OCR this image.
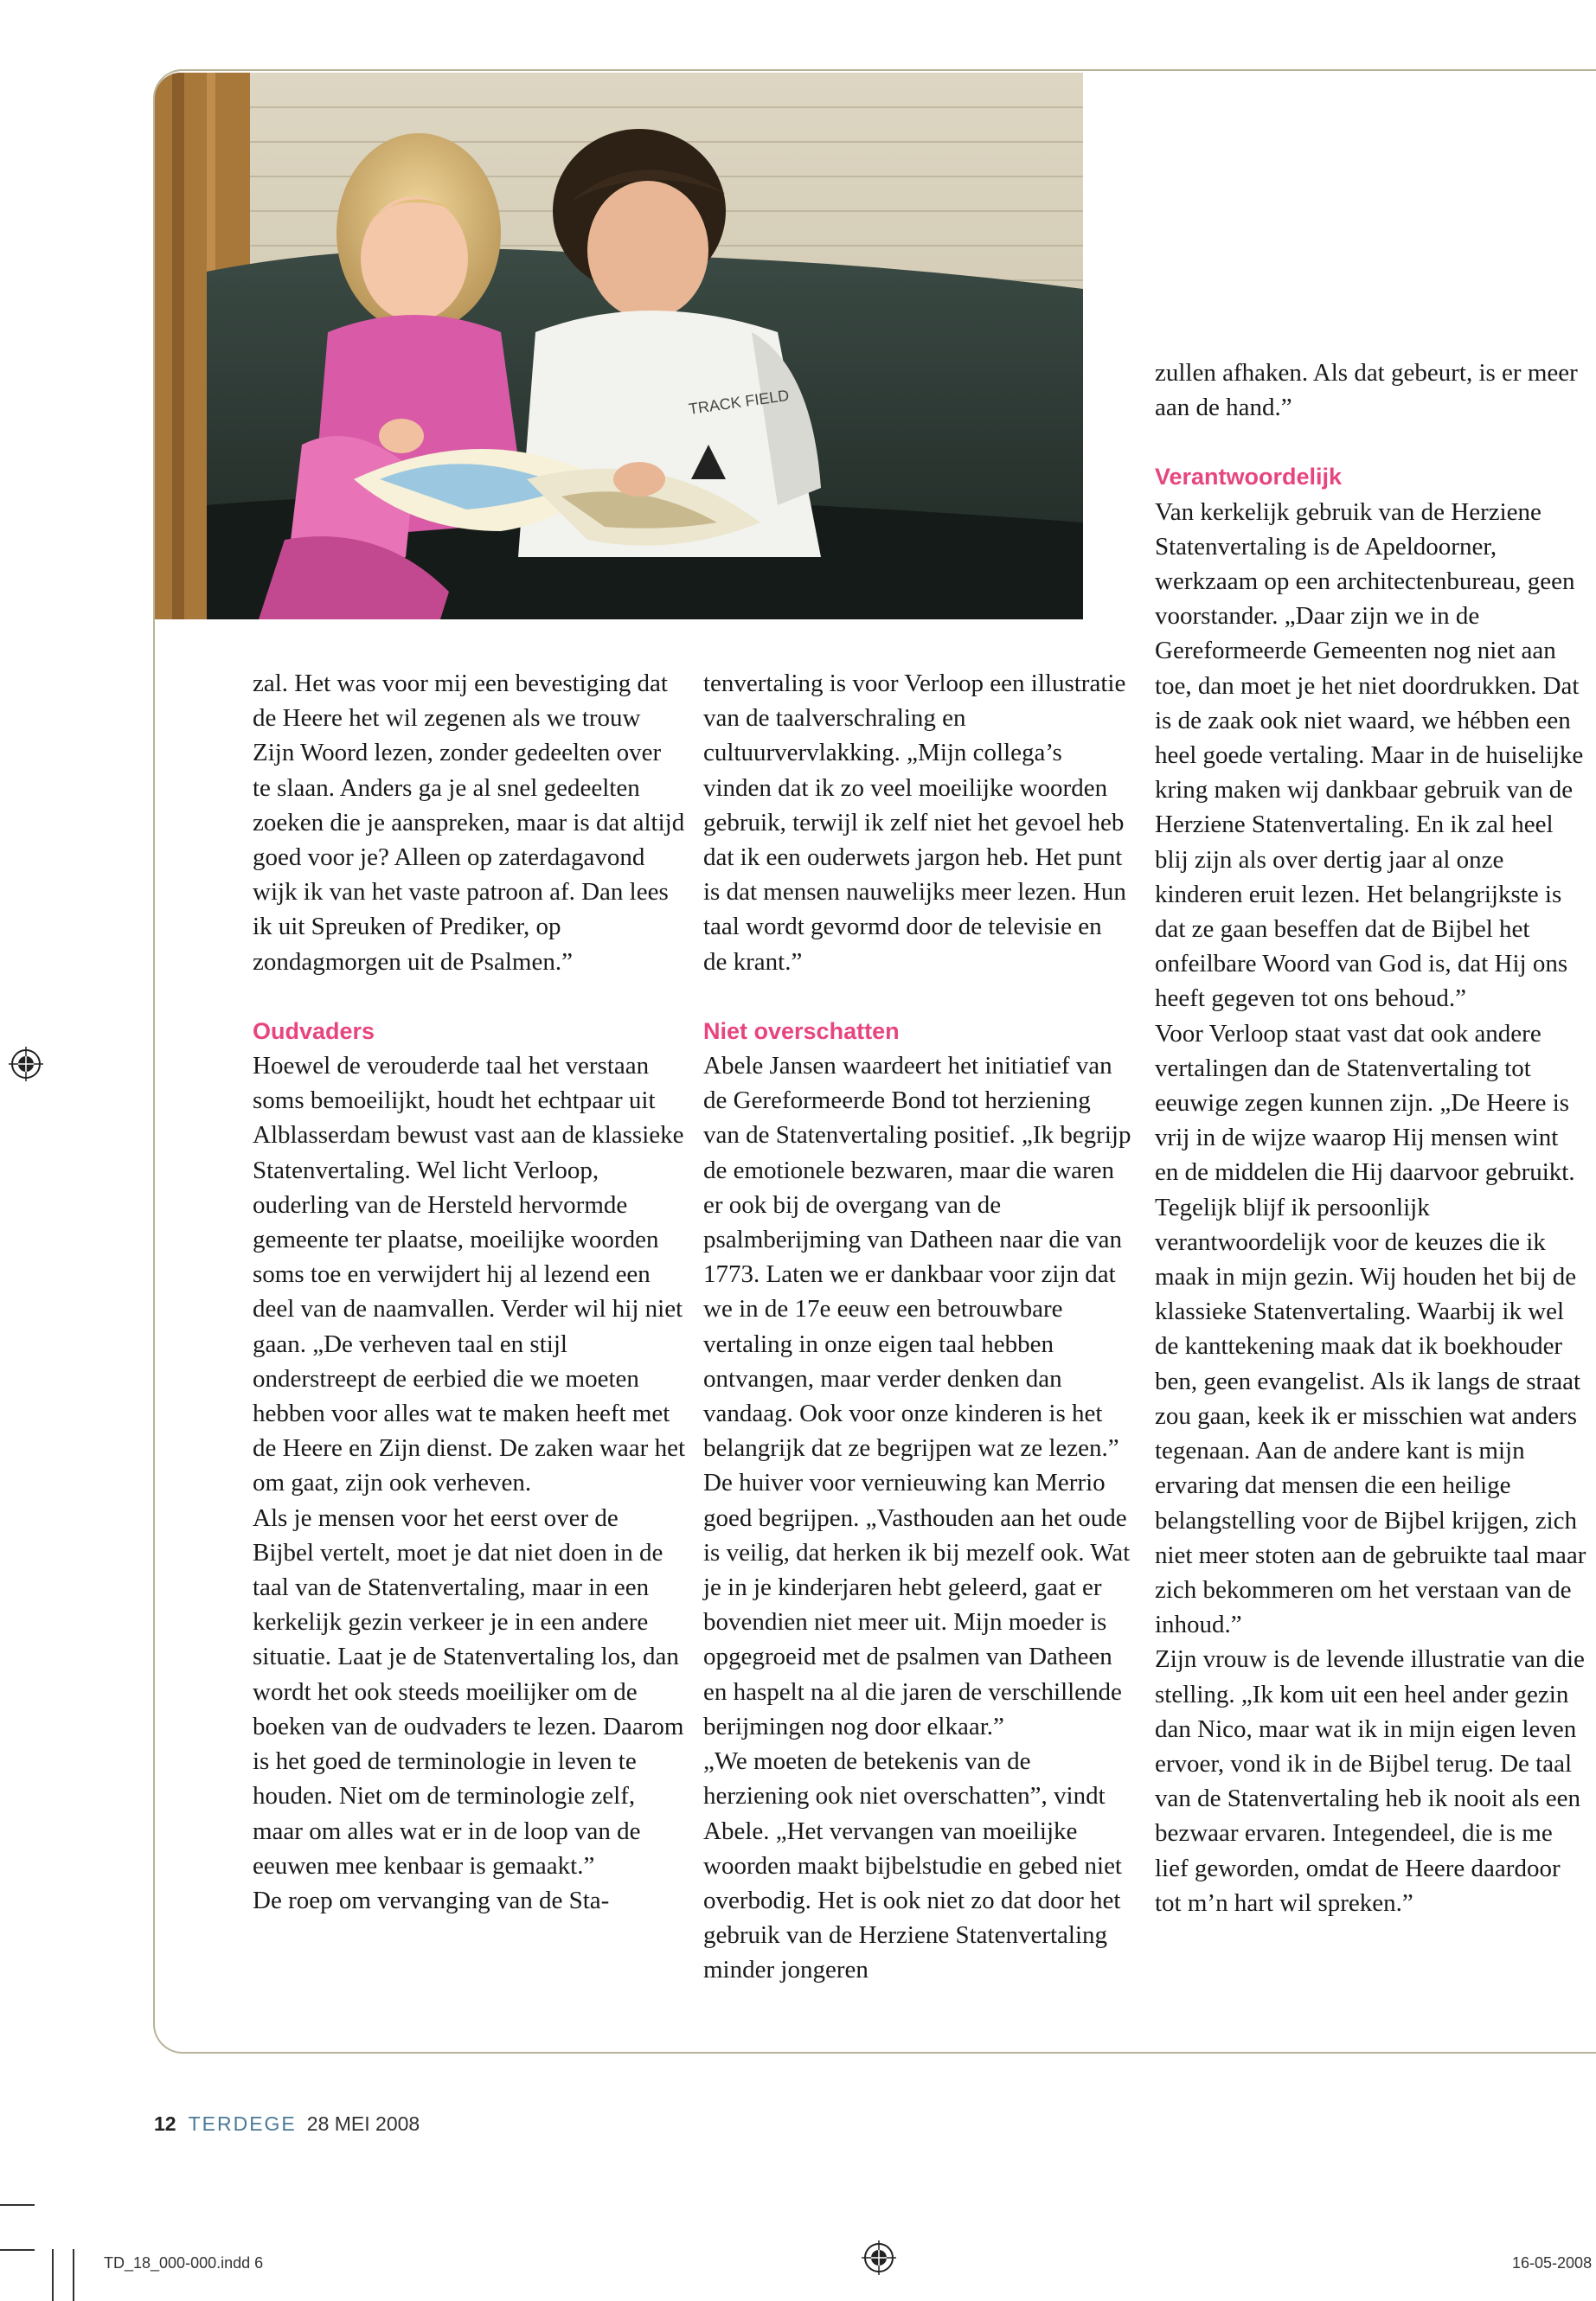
TRACK FIELD

zal. Het was voor mij een bevestiging dat de Heere het wil zegenen als we trouw Zijn Woord lezen, zonder gedeelten over te slaan. Anders ga je al snel gedeelten zoeken die je aanspreken, maar is dat altijd goed voor je? Alleen op zaterdagavond wijk ik van het vaste patroon af. Dan lees ik uit Spreuken of Prediker, op zondagmorgen uit de Psalmen.”

Oudvaders

Hoewel de verouderde taal het verstaan soms bemoeilijkt, houdt het echtpaar uit Alblasserdam bewust vast aan de klassieke Statenvertaling. Wel licht Verloop, ouderling van de Hersteld hervormde gemeente ter plaatse, moeilijke woorden soms toe en verwijdert hij al lezend een deel van de naamvallen. Verder wil hij niet gaan. „De verheven taal en stijl onderstreept de eerbied die we moeten hebben voor alles wat te maken heeft met de Heere en Zijn dienst. De zaken waar het om gaat, zijn ook verheven.

Als je mensen voor het eerst over de Bijbel vertelt, moet je dat niet doen in de taal van de Statenvertaling, maar in een kerkelijk gezin verkeer je in een andere situatie. Laat je de Statenvertaling los, dan wordt het ook steeds moeilijker om de boeken van de oudvaders te lezen. Daarom is het goed de terminologie in leven te houden. Niet om de terminologie zelf, maar om alles wat er in de loop van de eeuwen mee kenbaar is gemaakt.”

De roep om vervanging van de Sta-

tenvertaling is voor Verloop een illustratie van de taalverschraling en cultuurvervlakking. „Mijn collega’s vinden dat ik zo veel moeilijke woorden gebruik, terwijl ik zelf niet het gevoel heb dat ik een ouderwets jargon heb. Het punt is dat mensen nauwelijks meer lezen. Hun taal wordt gevormd door de televisie en de krant.”

Niet overschatten

Abele Jansen waardeert het initiatief van de Gereformeerde Bond tot herziening van de Statenvertaling positief. „Ik begrijp de emotionele bezwaren, maar die waren er ook bij de overgang van de psalmberijming van Datheen naar die van 1773. Laten we er dankbaar voor zijn dat we in de 17e eeuw een betrouwbare vertaling in onze eigen taal hebben ontvangen, maar verder denken dan vandaag. Ook voor onze kinderen is het belangrijk dat ze begrijpen wat ze lezen.”

De huiver voor vernieuwing kan Merrio goed begrijpen. „Vasthouden aan het oude is veilig, dat herken ik bij mezelf ook. Wat je in je kinderjaren hebt geleerd, gaat er bovendien niet meer uit. Mijn moeder is opgegroeid met de psalmen van Datheen en haspelt na al die jaren de verschillende berijmingen nog door elkaar.”

„We moeten de betekenis van de herziening ook niet overschatten”, vindt Abele. „Het vervangen van moeilijke woorden maakt bijbelstudie en gebed niet overbodig. Het is ook niet zo dat door het gebruik van de Herziene Statenvertaling minder jongeren

zullen afhaken. Als dat gebeurt, is er meer aan de hand.”

Verantwoordelijk

Van kerkelijk gebruik van de Herziene Statenvertaling is de Apeldoorner, werkzaam op een architectenbureau, geen voorstander. „Daar zijn we in de Gereformeerde Gemeenten nog niet aan toe, dan moet je het niet doordrukken. Dat is de zaak ook niet waard, we hébben een heel goede vertaling. Maar in de huiselijke kring maken wij dankbaar gebruik van de Herziene Statenvertaling. En ik zal heel blij zijn als over dertig jaar al onze kinderen eruit lezen. Het belangrijkste is dat ze gaan beseffen dat de Bijbel het onfeilbare Woord van God is, dat Hij ons heeft gegeven tot ons behoud.”

Voor Verloop staat vast dat ook andere vertalingen dan de Statenvertaling tot eeuwige zegen kunnen zijn. „De Heere is vrij in de wijze waarop Hij mensen wint en de middelen die Hij daarvoor gebruikt. Tegelijk blijf ik persoonlijk verantwoordelijk voor de keuzes die ik maak in mijn gezin. Wij houden het bij de klassieke Statenvertaling. Waarbij ik wel de kanttekening maak dat ik boekhouder ben, geen evangelist. Als ik langs de straat zou gaan, keek ik er misschien wat anders tegenaan. Aan de andere kant is mijn ervaring dat mensen die een heilige belangstelling voor de Bijbel krijgen, zich niet meer stoten aan de gebruikte taal maar zich bekommeren om het verstaan van de inhoud.”

Zijn vrouw is de levende illustratie van die stelling. „Ik kom uit een heel ander gezin dan Nico, maar wat ik in mijn eigen leven ervoer, vond ik in de Bijbel terug. De taal van de Statenvertaling heb ik nooit als een bezwaar ervaren. Integendeel, die is me lief geworden, omdat de Heere daardoor tot m’n hart wil spreken.”

12 TERDEGE 28 MEI 2008
TD_18_000-000.indd 6	16-05-2008
